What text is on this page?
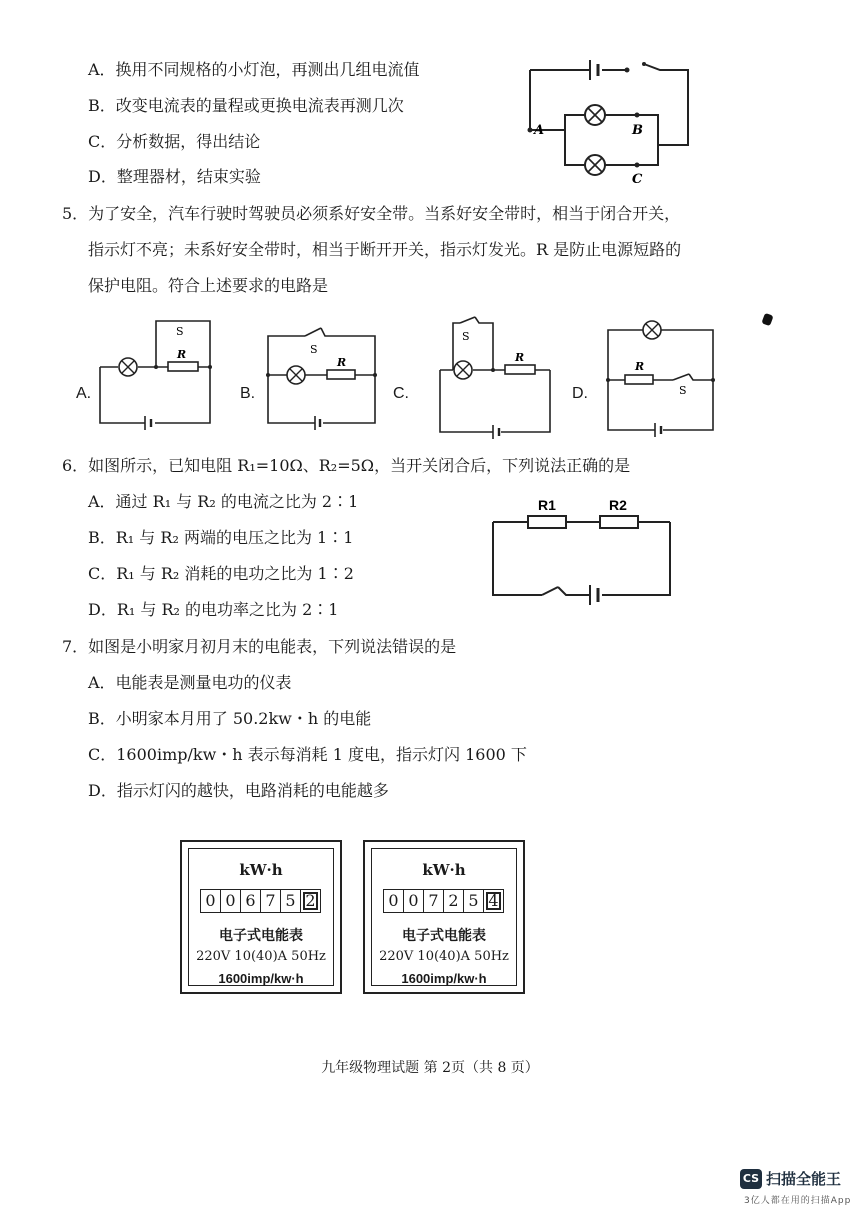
A．换用不同规格的小灯泡，再测出几组电流值
B．改变电流表的量程或更换电流表再测几次
C．分析数据，得出结论
D．整理器材，结束实验
A	B
C
5．为了安全，汽车行驶时驾驶员必须系好安全带。当系好安全带时，相当于闭合开关，
指示灯不亮；未系好安全带时，相当于断开开关，指示灯发光。R 是防止电源短路的
保护电阻。符合上述要求的电路是
A.
R
S
B.
R
S
C.
R
S
D.
R
S
6．如图所示，已知电阻 R₁=10Ω、R₂=5Ω，当开关闭合后，下列说法正确的是
A．通过 R₁ 与 R₂ 的电流之比为 2∶1
B．R₁ 与 R₂ 两端的电压之比为 1∶1
C．R₁ 与 R₂ 消耗的电功之比为 1∶2
D．R₁ 与 R₂ 的电功率之比为 2∶1
R1	R2
7．如图是小明家月初月末的电能表，下列说法错误的是
A．电能表是测量电功的仪表
B．小明家本月用了 50.2kw・h 的电能
C．1600imp/kw・h 表示每消耗 1 度电，指示灯闪 1600 下
D．指示灯闪的越快，电路消耗的电能越多
kW·h
0 0 6 7 5 2
电子式电能表
220V 10(40)A 50Hz
1600imp/kw·h
kW·h
0 0 7 2 5 4
电子式电能表
220V 10(40)A 50Hz
1600imp/kw·h
九年级物理试题 第 2页（共 8 页）
CS 扫描全能王
3亿人都在用的扫描App
